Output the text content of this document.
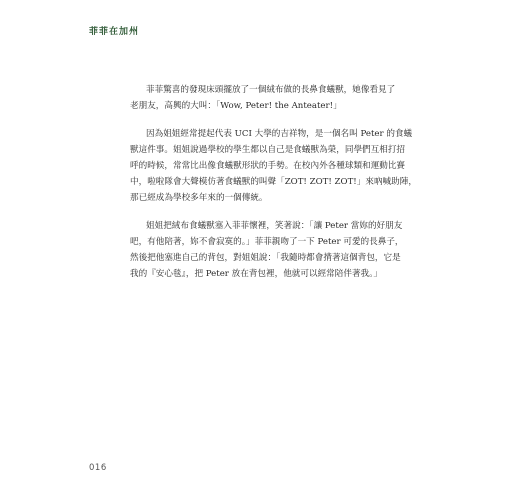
菲菲在加州

菲菲驚喜的發現床頭擺放了一個絨布做的長鼻食蟻獸，她像看見了
老朋友，高興的大叫：「Wow, Peter! the Anteater!」

因為姐姐經常提起代表 UCI 大學的吉祥物，是一個名叫 Peter 的食蟻
獸這件事。姐姐說過學校的學生都以自己是食蟻獸為榮，同學們互相打招
呼的時候，常常比出像食蟻獸形狀的手勢。在校內外各種球類和運動比賽
中，啦啦隊會大聲模仿著食蟻獸的叫聲「ZOT! ZOT! ZOT!」來吶喊助陣，
那已經成為學校多年來的一個傳統。

姐姐把絨布食蟻獸塞入菲菲懷裡，笑著說：「讓 Peter 當妳的好朋友
吧，有他陪著，妳不會寂寞的。」菲菲親吻了一下 Peter 可愛的長鼻子，
然後把他塞進自己的背包，對姐姐說：「我隨時都會揹著這個背包，它是
我的『安心毯』，把 Peter 放在背包裡，他就可以經常陪伴著我。」

016
